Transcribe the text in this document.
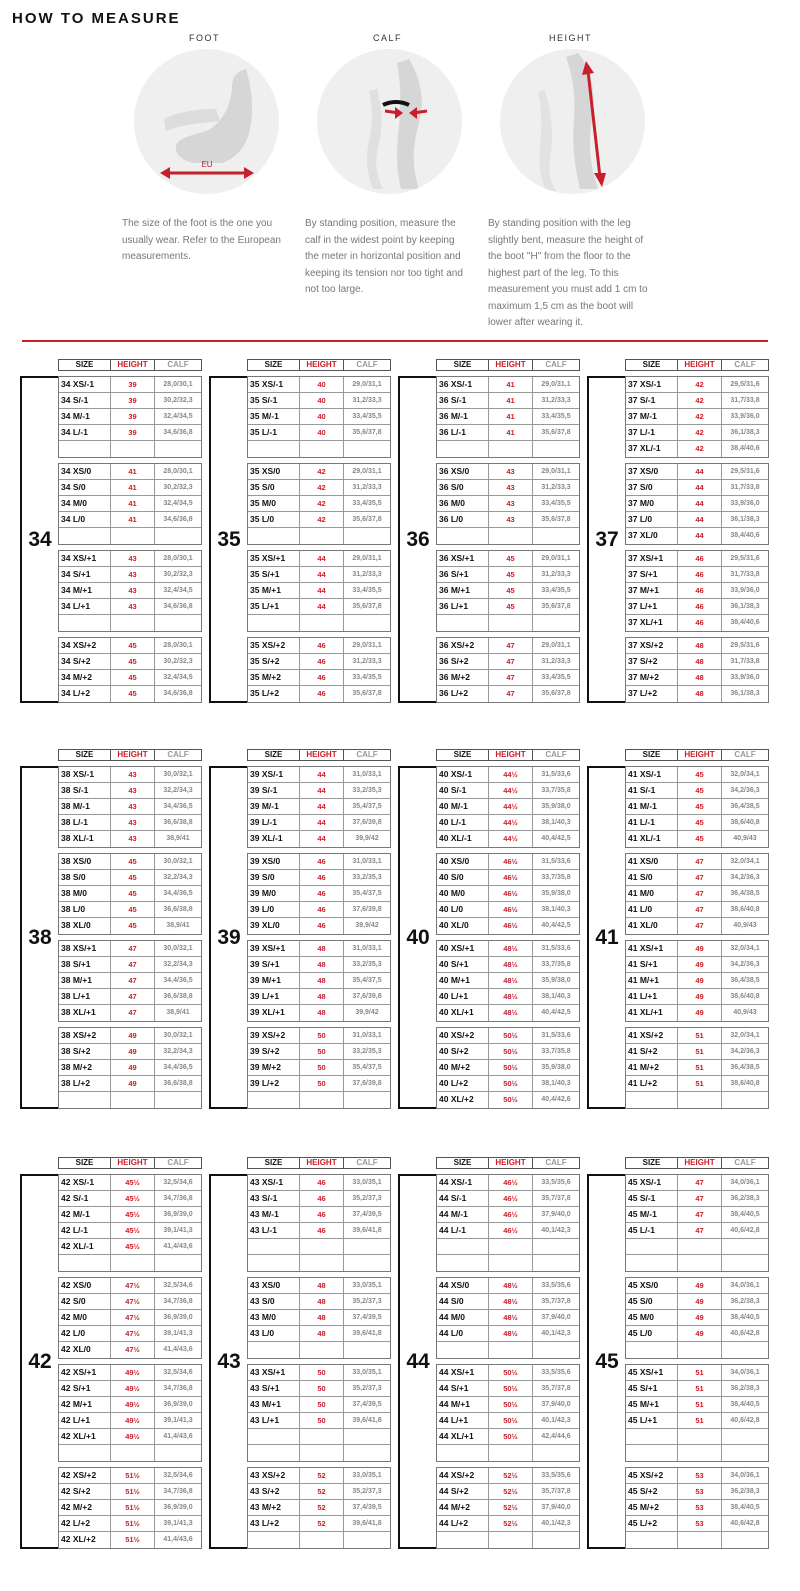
HOW TO MEASURE
FOOT
EU
The size of the foot is the one you usually wear. Refer to the European measurements.
CALF
By standing position, measure the calf in the widest point by keeping the meter in horizontal position and keeping its tension nor too tight and not too large.
HEIGHT
By standing position with the leg slightly bent, measure the height of the boot "H" from the floor to the highest part of the leg. To this measurement you must add 1 cm to maximum 1,5 cm as the boot will lower after wearing it.
SIZE	HEIGHT	CALF
34 XS/-1	39	28,0/30,1
34 S/-1	39	30,2/32,3
34 M/-1	39	32,4/34,5
34 L/-1	39	34,6/36,8
34 XS/0	41	28,0/30,1
34 S/0	41	30,2/32,3
34 M/0	41	32,4/34,5
34 L/0	41	34,6/36,8
34 XS/+1	43	28,0/30,1
34 S/+1	43	30,2/32,3
34 M/+1	43	32,4/34,5
34 L/+1	43	34,6/36,8
34 XS/+2	45	28,0/30,1
34 S/+2	45	30,2/32,3
34 M/+2	45	32,4/34,5
34 L/+2	45	34,6/36,8
34
SIZE	HEIGHT	CALF
35 XS/-1	40	29,0/31,1
35 S/-1	40	31,2/33,3
35 M/-1	40	33,4/35,5
35 L/-1	40	35,6/37,8
35 XS/0	42	29,0/31,1
35 S/0	42	31,2/33,3
35 M/0	42	33,4/35,5
35 L/0	42	35,6/37,8
35 XS/+1	44	29,0/31,1
35 S/+1	44	31,2/33,3
35 M/+1	44	33,4/35,5
35 L/+1	44	35,6/37,8
35 XS/+2	46	29,0/31,1
35 S/+2	46	31,2/33,3
35 M/+2	46	33,4/35,5
35 L/+2	46	35,6/37,8
35
SIZE	HEIGHT	CALF
36 XS/-1	41	29,0/31,1
36 S/-1	41	31,2/33,3
36 M/-1	41	33,4/35,5
36 L/-1	41	35,6/37,8
36 XS/0	43	29,0/31,1
36 S/0	43	31,2/33,3
36 M/0	43	33,4/35,5
36 L/0	43	35,6/37,8
36 XS/+1	45	29,0/31,1
36 S/+1	45	31,2/33,3
36 M/+1	45	33,4/35,5
36 L/+1	45	35,6/37,8
36 XS/+2	47	29,0/31,1
36 S/+2	47	31,2/33,3
36 M/+2	47	33,4/35,5
36 L/+2	47	35,6/37,8
36
SIZE	HEIGHT	CALF
37 XS/-1	42	29,5/31,6
37 S/-1	42	31,7/33,8
37 M/-1	42	33,9/36,0
37 L/-1	42	36,1/38,3
37 XL/-1	42	38,4/40,6
37 XS/0	44	29,5/31,6
37 S/0	44	31,7/33,8
37 M/0	44	33,9/36,0
37 L/0	44	36,1/38,3
37 XL/0	44	38,4/40,6
37 XS/+1	46	29,5/31,6
37 S/+1	46	31,7/33,8
37 M/+1	46	33,9/36,0
37 L/+1	46	36,1/38,3
37 XL/+1	46	38,4/40,6
37 XS/+2	48	29,5/31,6
37 S/+2	48	31,7/33,8
37 M/+2	48	33,9/36,0
37 L/+2	48	36,1/38,3
37
SIZE	HEIGHT	CALF
38 XS/-1	43	30,0/32,1
38 S/-1	43	32,2/34,3
38 M/-1	43	34,4/36,5
38 L/-1	43	36,6/38,8
38 XL/-1	43	38,9/41
38 XS/0	45	30,0/32,1
38 S/0	45	32,2/34,3
38 M/0	45	34,4/36,5
38 L/0	45	36,6/38,8
38 XL/0	45	38,9/41
38 XS/+1	47	30,0/32,1
38 S/+1	47	32,2/34,3
38 M/+1	47	34,4/36,5
38 L/+1	47	36,6/38,8
38 XL/+1	47	38,9/41
38 XS/+2	49	30,0/32,1
38 S/+2	49	32,2/34,3
38 M/+2	49	34,4/36,5
38 L/+2	49	36,6/38,8
38
SIZE	HEIGHT	CALF
39 XS/-1	44	31,0/33,1
39 S/-1	44	33,2/35,3
39 M/-1	44	35,4/37,5
39 L/-1	44	37,6/39,8
39 XL/-1	44	39,9/42
39 XS/0	46	31,0/33,1
39 S/0	46	33,2/35,3
39 M/0	46	35,4/37,5
39 L/0	46	37,6/39,8
39 XL/0	46	39,9/42
39 XS/+1	48	31,0/33,1
39 S/+1	48	33,2/35,3
39 M/+1	48	35,4/37,5
39 L/+1	48	37,6/39,8
39 XL/+1	48	39,9/42
39 XS/+2	50	31,0/33,1
39 S/+2	50	33,2/35,3
39 M/+2	50	35,4/37,5
39 L/+2	50	37,6/39,8
39
SIZE	HEIGHT	CALF
40 XS/-1	44½	31,5/33,6
40 S/-1	44½	33,7/35,8
40 M/-1	44½	35,9/38,0
40 L/-1	44½	38,1/40,3
40 XL/-1	44½	40,4/42,5
40 XS/0	46½	31,5/33,6
40 S/0	46½	33,7/35,8
40 M/0	46½	35,9/38,0
40 L/0	46½	38,1/40,3
40 XL/0	46½	40,4/42,5
40 XS/+1	48½	31,5/33,6
40 S/+1	48½	33,7/35,8
40 M/+1	48½	35,9/38,0
40 L/+1	48½	38,1/40,3
40 XL/+1	48½	40,4/42,5
40 XS/+2	50½	31,5/33,6
40 S/+2	50½	33,7/35,8
40 M/+2	50½	35,9/38,0
40 L/+2	50½	38,1/40,3
40 XL/+2	50½	40,4/42,6
40
SIZE	HEIGHT	CALF
41 XS/-1	45	32,0/34,1
41 S/-1	45	34,2/36,3
41 M/-1	45	36,4/38,5
41 L/-1	45	38,6/40,8
41 XL/-1	45	40,9/43
41 XS/0	47	32,0/34,1
41 S/0	47	34,2/36,3
41 M/0	47	36,4/38,5
41 L/0	47	38,6/40,8
41 XL/0	47	40,9/43
41 XS/+1	49	32,0/34,1
41 S/+1	49	34,2/36,3
41 M/+1	49	36,4/38,5
41 L/+1	49	38,6/40,8
41 XL/+1	49	40,9/43
41 XS/+2	51	32,0/34,1
41 S/+2	51	34,2/36,3
41 M/+2	51	36,4/38,5
41 L/+2	51	38,6/40,8
41
SIZE	HEIGHT	CALF
42 XS/-1	45½	32,5/34,6
42 S/-1	45½	34,7/36,8
42 M/-1	45½	36,9/39,0
42 L/-1	45½	39,1/41,3
42 XL/-1	45½	41,4/43,6
42 XS/0	47½	32,5/34,6
42 S/0	47½	34,7/36,8
42 M/0	47½	36,9/39,0
42 L/0	47½	39,1/41,3
42 XL/0	47½	41,4/43,6
42 XS/+1	49½	32,5/34,6
42 S/+1	49½	34,7/36,8
42 M/+1	49½	36,9/39,0
42 L/+1	49½	39,1/41,3
42 XL/+1	49½	41,4/43,6
42 XS/+2	51½	32,5/34,6
42 S/+2	51½	34,7/36,8
42 M/+2	51½	36,9/39,0
42 L/+2	51½	39,1/41,3
42 XL/+2	51½	41,4/43,6
42
SIZE	HEIGHT	CALF
43 XS/-1	46	33,0/35,1
43 S/-1	46	35,2/37,3
43 M/-1	46	37,4/39,5
43 L/-1	46	39,6/41,8
43 XS/0	48	33,0/35,1
43 S/0	48	35,2/37,3
43 M/0	48	37,4/39,5
43 L/0	48	39,6/41,8
43 XS/+1	50	33,0/35,1
43 S/+1	50	35,2/37,3
43 M/+1	50	37,4/39,5
43 L/+1	50	39,6/41,8
43 XS/+2	52	33,0/35,1
43 S/+2	52	35,2/37,3
43 M/+2	52	37,4/39,5
43 L/+2	52	39,6/41,8
43
SIZE	HEIGHT	CALF
44 XS/-1	46½	33,5/35,6
44 S/-1	46½	35,7/37,8
44 M/-1	46½	37,9/40,0
44 L/-1	46½	40,1/42,3
44 XS/0	48½	33,5/35,6
44 S/0	48½	35,7/37,8
44 M/0	48½	37,9/40,0
44 L/0	48½	40,1/42,3
44 XS/+1	50½	33,5/35,6
44 S/+1	50½	35,7/37,8
44 M/+1	50½	37,9/40,0
44 L/+1	50½	40,1/42,3
44 XL/+1	50½	42,4/44,6
44 XS/+2	52½	33,5/35,6
44 S/+2	52½	35,7/37,8
44 M/+2	52½	37,9/40,0
44 L/+2	52½	40,1/42,3
44
SIZE	HEIGHT	CALF
45 XS/-1	47	34,0/36,1
45 S/-1	47	36,2/38,3
45 M/-1	47	38,4/40,5
45 L/-1	47	40,6/42,8
45 XS/0	49	34,0/36,1
45 S/0	49	36,2/38,3
45 M/0	49	38,4/40,5
45 L/0	49	40,6/42,8
45 XS/+1	51	34,0/36,1
45 S/+1	51	36,2/38,3
45 M/+1	51	38,4/40,5
45 L/+1	51	40,6/42,8
45 XS/+2	53	34,0/36,1
45 S/+2	53	36,2/38,3
45 M/+2	53	38,4/40,5
45 L/+2	53	40,6/42,8
45
